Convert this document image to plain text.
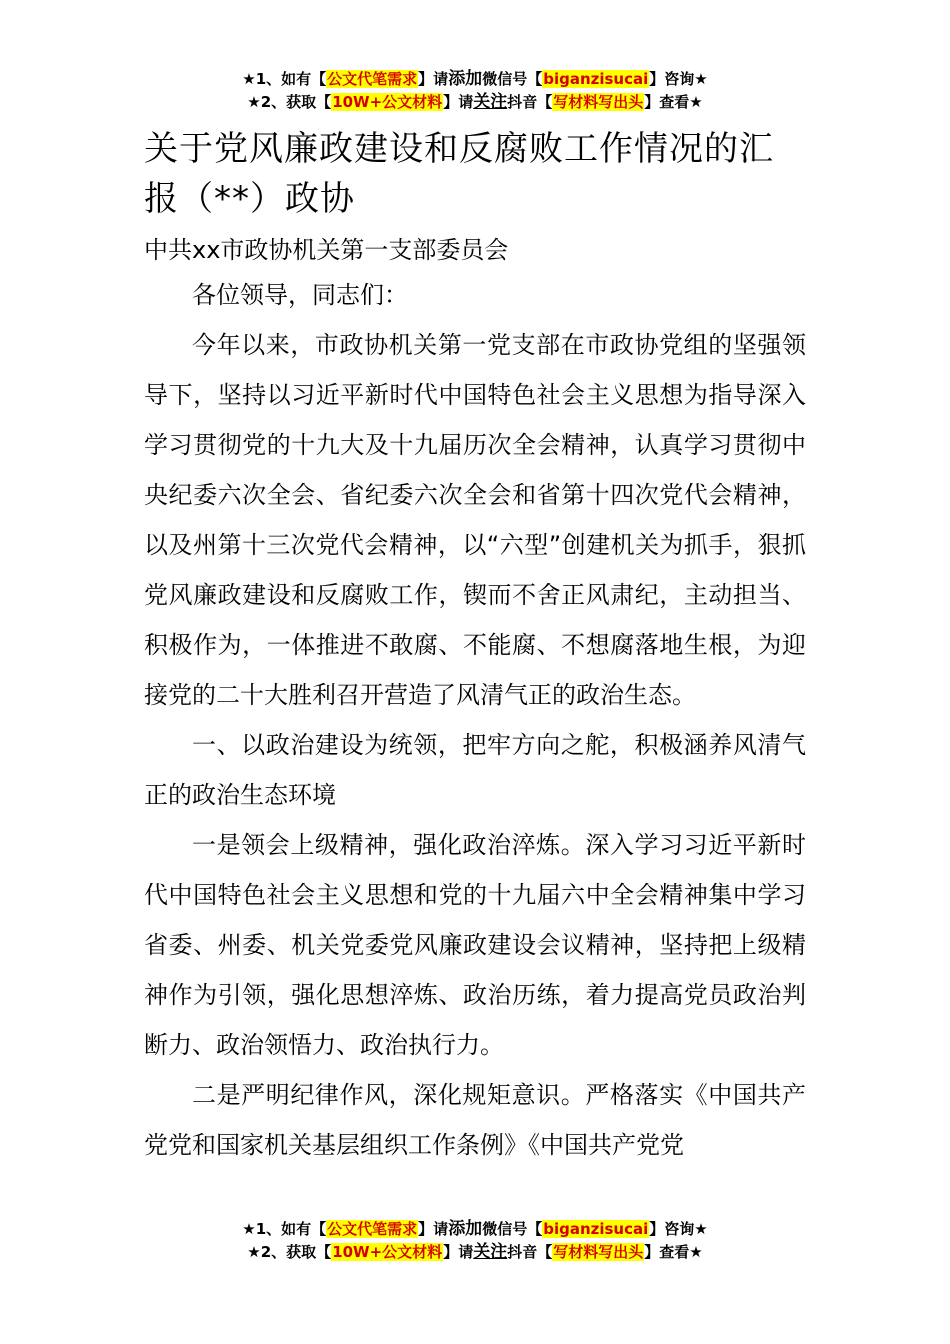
★1、如有【公文代笔需求】请添加微信号【biganzisucai】咨询★
★2、获取【10W+公文材料】请关注抖音【写材料写出头】查看★
关于党风廉政建设和反腐败工作情况的汇报（**）政协
中共xx市政协机关第一支部委员会

各位领导，同志们：

今年以来，市政协机关第一党支部在市政协党组的坚强领导下，坚持以习近平新时代中国特色社会主义思想为指导深入学习贯彻党的十九大及十九届历次全会精神，认真学习贯彻中央纪委六次全会、省纪委六次全会和省第十四次党代会精神，以及州第十三次党代会精神，以“六型”创建机关为抓手，狠抓党风廉政建设和反腐败工作，锲而不舍正风肃纪，主动担当、积极作为，一体推进不敢腐、不能腐、不想腐落地生根，为迎接党的二十大胜利召开营造了风清气正的政治生态。

一、以政治建设为统领，把牢方向之舵，积极涵养风清气正的政治生态环境

一是领会上级精神，强化政治淬炼。深入学习习近平新时代中国特色社会主义思想和党的十九届六中全会精神集中学习省委、州委、机关党委党风廉政建设会议精神，坚持把上级精神作为引领，强化思想淬炼、政治历练，着力提高党员政治判断力、政治领悟力、政治执行力。

二是严明纪律作风，深化规矩意识。严格落实《中国共产党党和国家机关基层组织工作条例》《中国共产党党

★1、如有【公文代笔需求】请添加微信号【biganzisucai】咨询★
★2、获取【10W+公文材料】请关注抖音【写材料写出头】查看★
